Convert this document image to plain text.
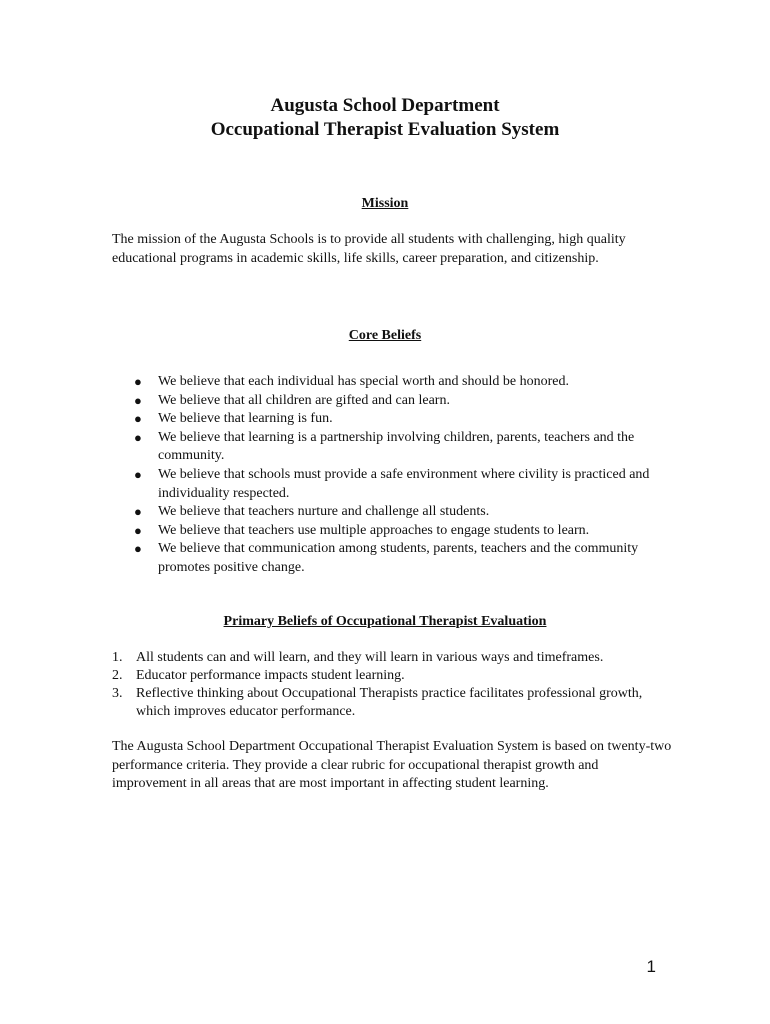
Augusta School Department
Occupational Therapist Evaluation System
Mission
The mission of the Augusta Schools is to provide all students with challenging, high quality educational programs in academic skills, life skills, career preparation, and citizenship.
Core Beliefs
● We believe that each individual has special worth and should be honored.
● We believe that all children are gifted and can learn.
● We believe that learning is fun.
● We believe that learning is a partnership involving children, parents, teachers and the community.
● We believe that schools must provide a safe environment where civility is practiced and individuality respected.
● We believe that teachers nurture and challenge all students.
● We believe that teachers use multiple approaches to engage students to learn.
● We believe that communication among students, parents, teachers and the community promotes positive change.
Primary Beliefs of Occupational Therapist Evaluation
1. All students can and will learn, and they will learn in various ways and timeframes.
2. Educator performance impacts student learning.
3. Reflective thinking about Occupational Therapists practice facilitates professional growth, which improves educator performance.
The Augusta School Department Occupational Therapist Evaluation System is based on twenty-two performance criteria. They provide a clear rubric for occupational therapist growth and improvement in all areas that are most important in affecting student learning.
1
